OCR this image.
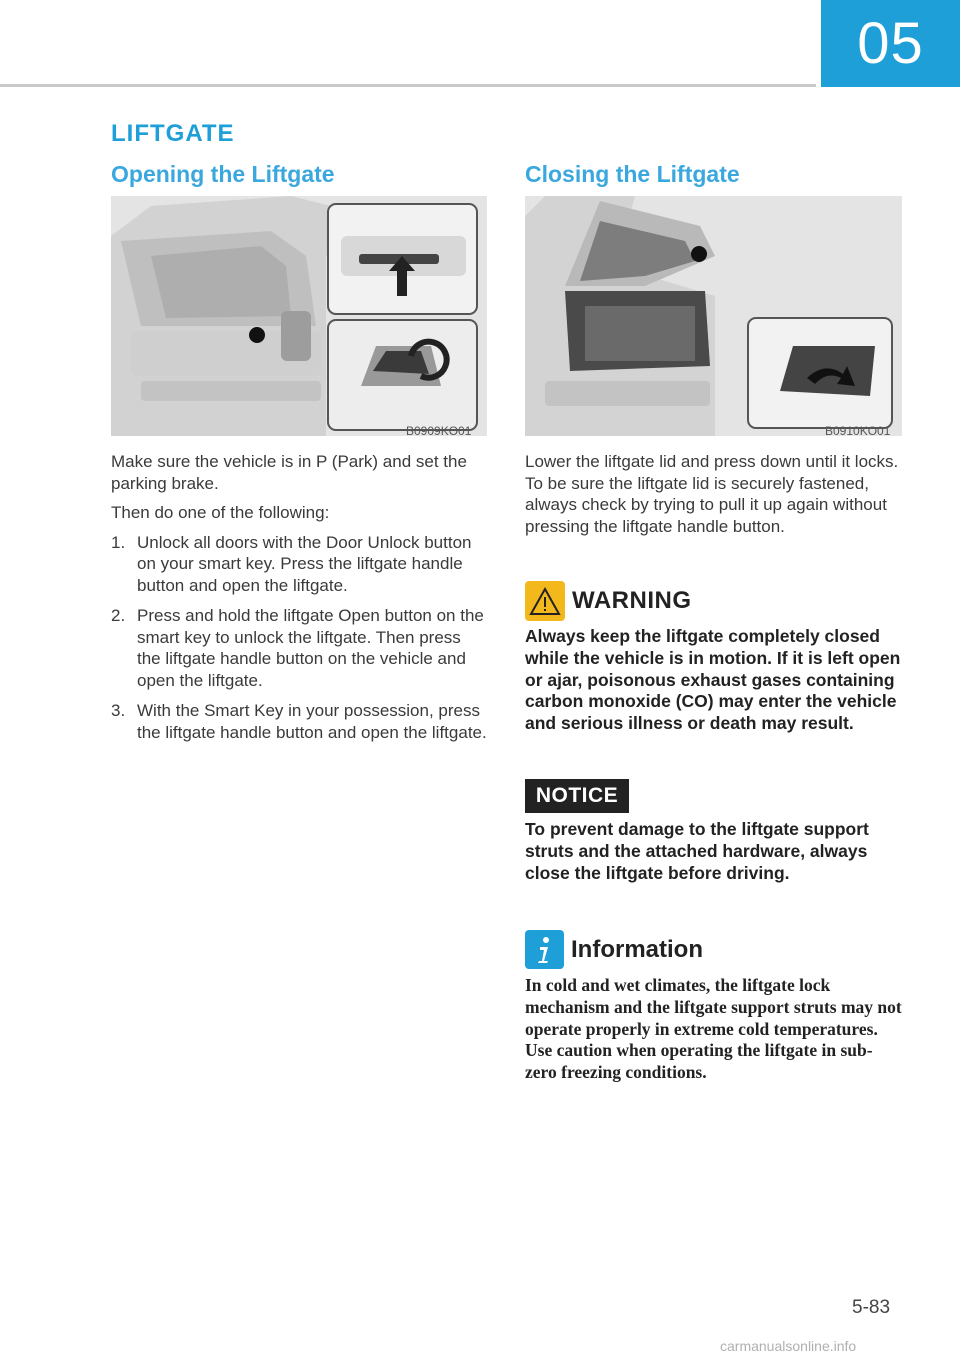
05
LIFTGATE
Opening the Liftgate
B0909KO01

Make sure the vehicle is in P (Park) and set the parking brake.

Then do one of the following:

1. Unlock all doors with the Door Unlock button on your smart key. Press the liftgate handle button and open the liftgate.
2. Press and hold the liftgate Open button on the smart key to unlock the liftgate. Then press the liftgate handle button on the vehicle and open the liftgate.
3. With the Smart Key in your possession, press the liftgate handle button and open the liftgate.
Closing the Liftgate
B0910KO01
Lower the liftgate lid and press down until it locks. To be sure the liftgate lid is securely fastened, always check by trying to pull it up again without pressing the liftgate handle button.
WARNING
Always keep the liftgate completely closed while the vehicle is in motion. If it is left open or ajar, poisonous exhaust gases containing carbon monoxide (CO) may enter the vehicle and serious illness or death may result.
NOTICE
To prevent damage to the liftgate support struts and the attached hardware, always close the liftgate before driving.
Information
In cold and wet climates, the liftgate lock mechanism and the liftgate support struts may not operate properly in extreme cold temperatures. Use caution when operating the liftgate in sub-zero freezing conditions.
5-83
carmanualsonline.info
